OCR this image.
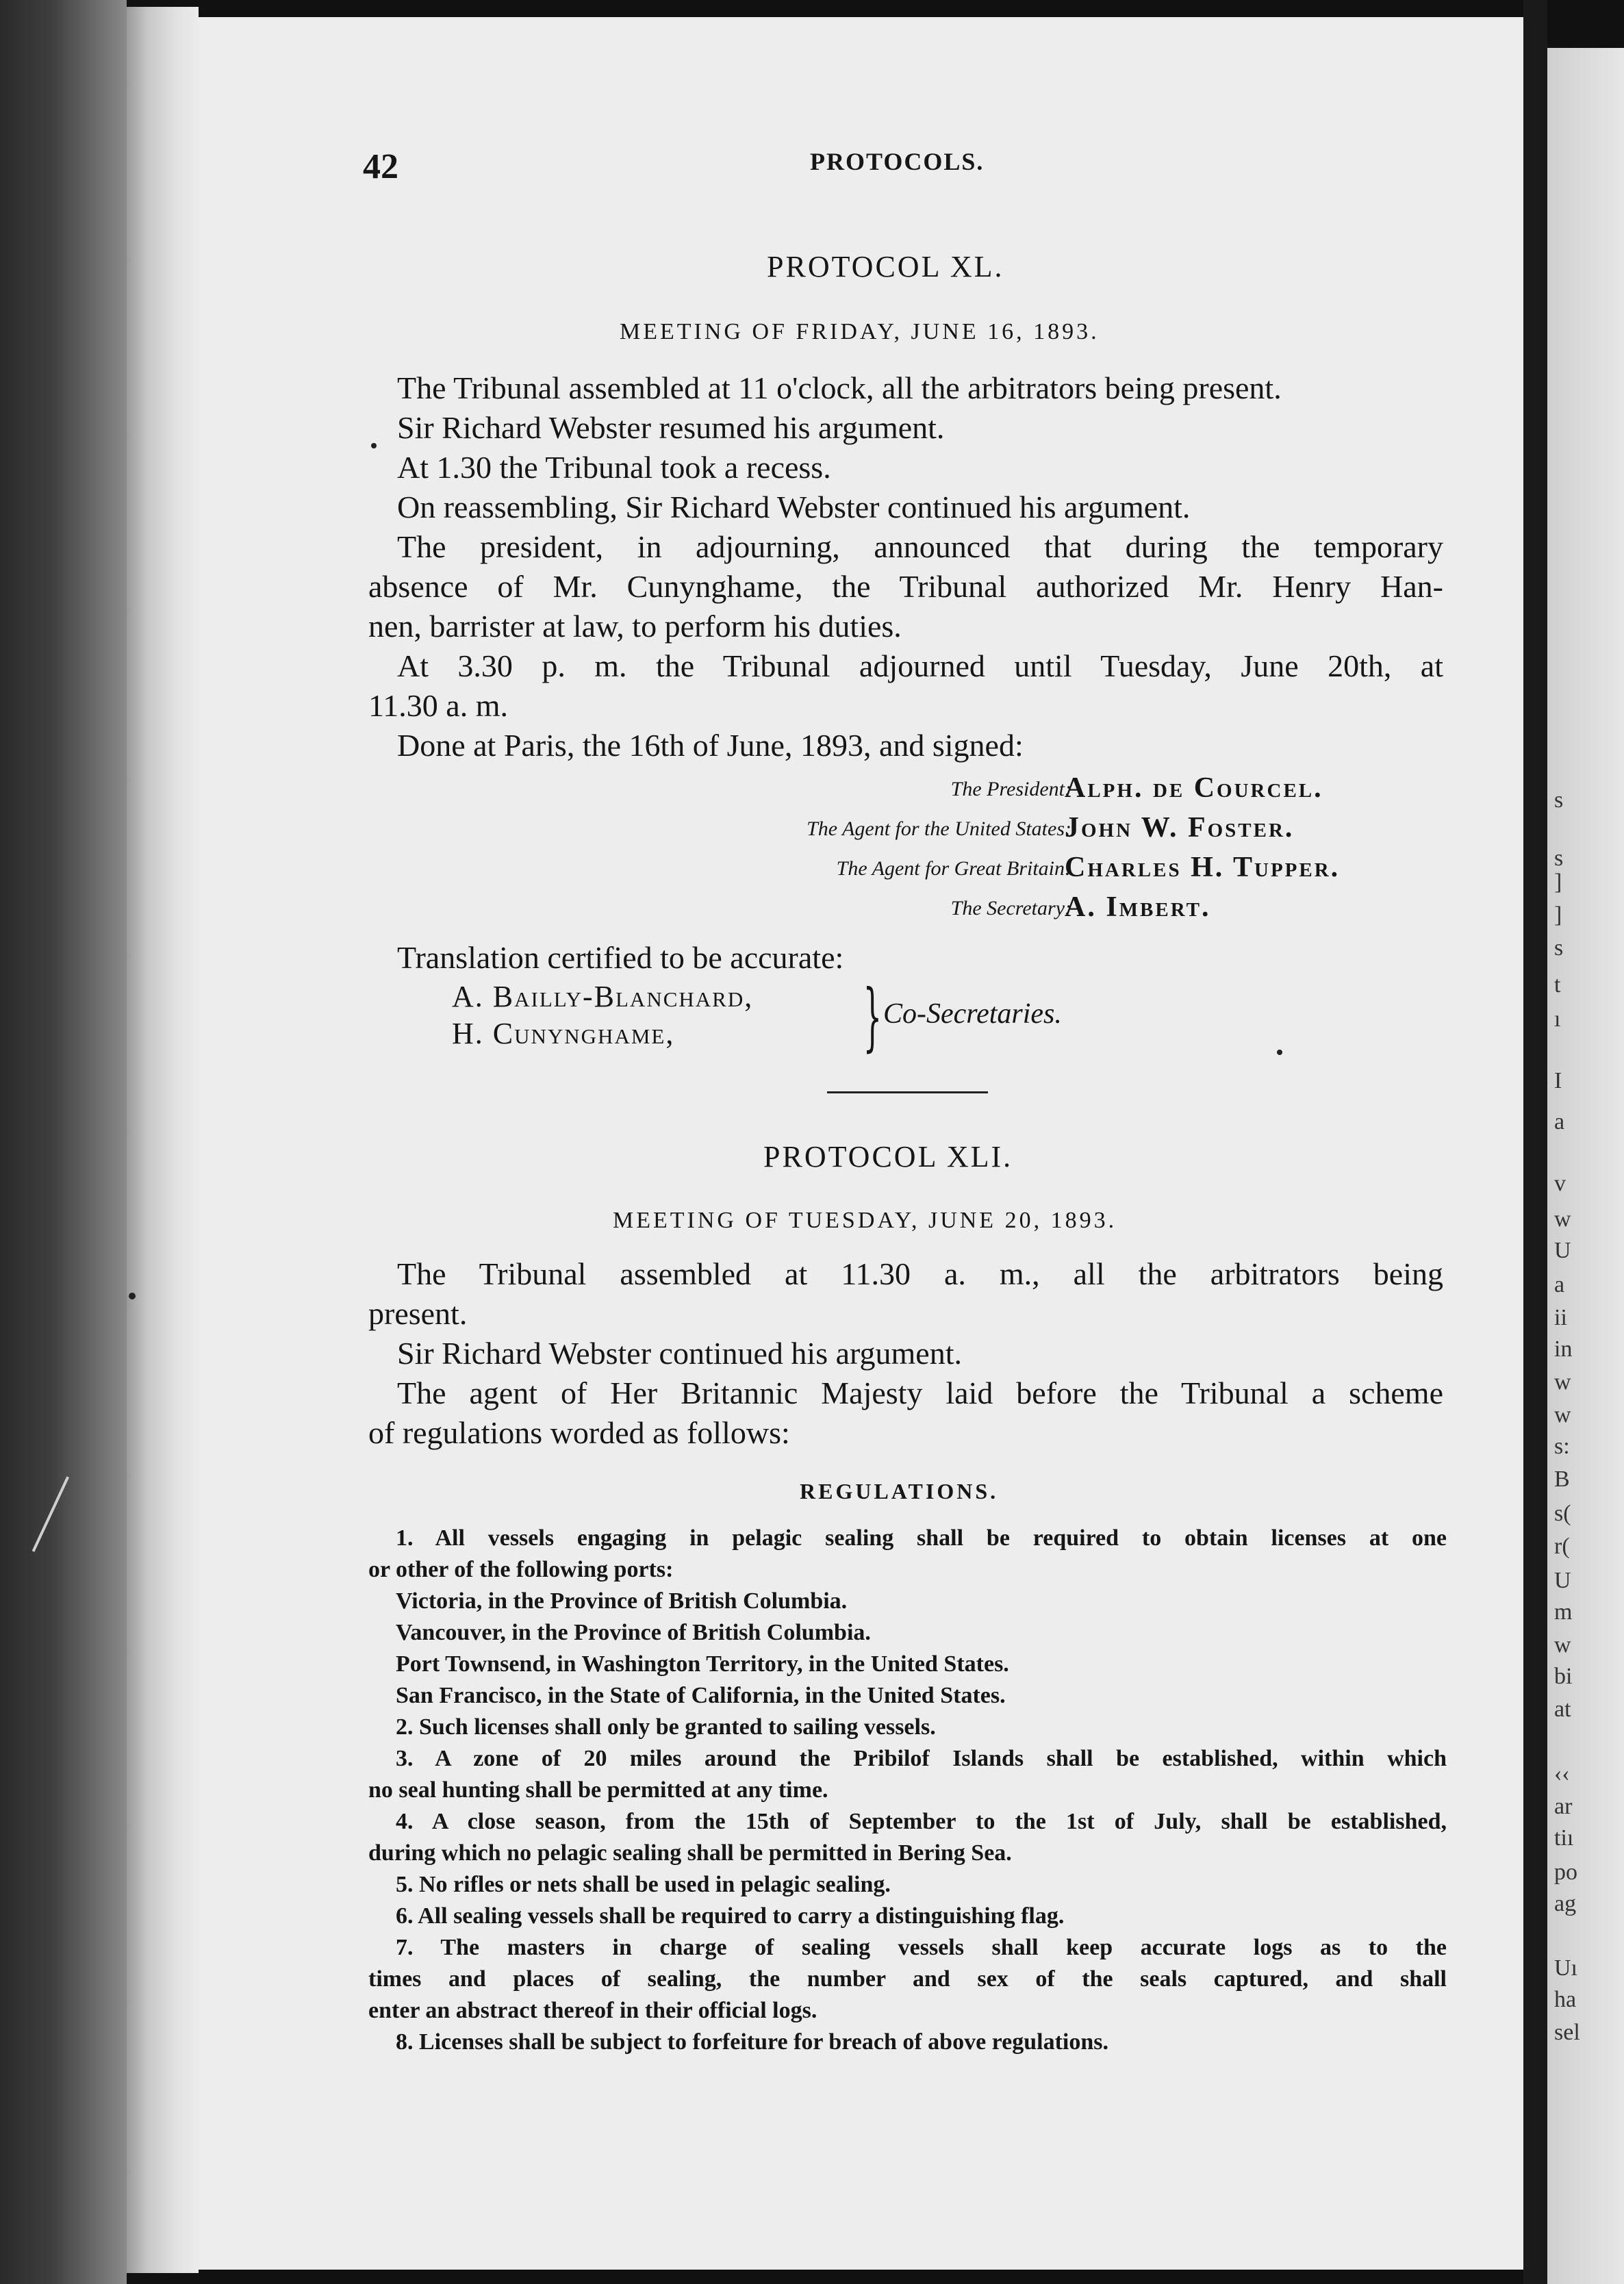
s
s
]
]
s
t
ı
I
a
v
w
U
a
ii
in
w
w
s:
B
s(
r(
U
m
w
bi
at
‹‹
ar
tiı
po
ag
Uı
ha
sel
42	PROTOCOLS.
PROTOCOL XL.
MEETING OF FRIDAY, JUNE 16, 1893.
The Tribunal assembled at 11 o'clock, all the arbitrators being present.
Sir Richard Webster resumed his argument.
At 1.30 the Tribunal took a recess.
On reassembling, Sir Richard Webster continued his argument.
The president, in adjourning, announced that during the temporary
absence of Mr. Cunynghame, the Tribunal authorized Mr. Henry Han-
nen, barrister at law, to perform his duties.
At 3.30 p. m. the Tribunal adjourned until Tuesday, June 20th, at
11.30 a. m.
Done at Paris, the 16th of June, 1893, and signed:
The President:
Alph. de Courcel.
The Agent for the United States:
John W. Foster.
The Agent for Great Britain:
Charles H. Tupper.
The Secretary:
A. Imbert.
Translation certified to be accurate:
A. Bailly-Blanchard,
H. Cunynghame,	} Co-Secretaries.
PROTOCOL XLI.
MEETING OF TUESDAY, JUNE 20, 1893.
The Tribunal assembled at 11.30 a. m., all the arbitrators being
present.
Sir Richard Webster continued his argument.
The agent of Her Britannic Majesty laid before the Tribunal a scheme
of regulations worded as follows:
REGULATIONS.
1. All vessels engaging in pelagic sealing shall be required to obtain licenses at one
or other of the following ports:
Victoria, in the Province of British Columbia.
Vancouver, in the Province of British Columbia.
Port Townsend, in Washington Territory, in the United States.
San Francisco, in the State of California, in the United States.
2. Such licenses shall only be granted to sailing vessels.
3. A zone of 20 miles around the Pribilof Islands shall be established, within which
no seal hunting shall be permitted at any time.
4. A close season, from the 15th of September to the 1st of July, shall be established,
during which no pelagic sealing shall be permitted in Bering Sea.
5. No rifles or nets shall be used in pelagic sealing.
6. All sealing vessels shall be required to carry a distinguishing flag.
7. The masters in charge of sealing vessels shall keep accurate logs as to the
times and places of sealing, the number and sex of the seals captured, and shall
enter an abstract thereof in their official logs.
8. Licenses shall be subject to forfeiture for breach of above regulations.
